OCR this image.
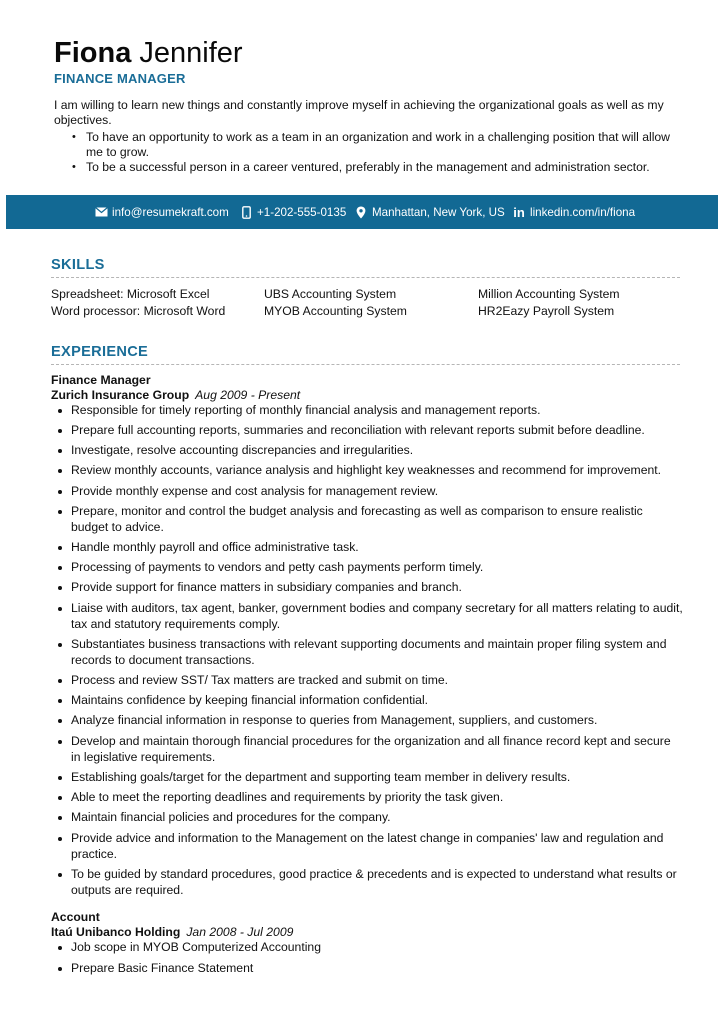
Fiona Jennifer
FINANCE MANAGER

I am willing to learn new things and constantly improve myself in achieving the organizational goals as well as my objectives.

• To have an opportunity to work as a team in an organization and work in a challenging position that will allow me to grow.
• To be a successful person in a career ventured, preferably in the management and administration sector.
info@resumekraft.com +1-202-555-0135 Manhattan, New York, US in linkedin.com/in/fiona
SKILLS
Spreadsheet: Microsoft Excel	UBS Accounting System	Million Accounting System
Word processor: Microsoft Word	MYOB Accounting System	HR2Eazy Payroll System
EXPERIENCE
Finance Manager
Zurich Insurance Group Aug 2009 - Present
Responsible for timely reporting of monthly financial analysis and management reports.
Prepare full accounting reports, summaries and reconciliation with relevant reports submit before deadline.
Investigate, resolve accounting discrepancies and irregularities.
Review monthly accounts, variance analysis and highlight key weaknesses and recommend for improvement.
Provide monthly expense and cost analysis for management review.
Prepare, monitor and control the budget analysis and forecasting as well as comparison to ensure realistic budget to advice.
Handle monthly payroll and office administrative task.
Processing of payments to vendors and petty cash payments perform timely.
Provide support for finance matters in subsidiary companies and branch.
Liaise with auditors, tax agent, banker, government bodies and company secretary for all matters relating to audit, tax and statutory requirements comply.
Substantiates business transactions with relevant supporting documents and maintain proper filing system and records to document transactions.
Process and review SST/ Tax matters are tracked and submit on time.
Maintains confidence by keeping financial information confidential.
Analyze financial information in response to queries from Management, suppliers, and customers.
Develop and maintain thorough financial procedures for the organization and all finance record kept and secure in legislative requirements.
Establishing goals/target for the department and supporting team member in delivery results.
Able to meet the reporting deadlines and requirements by priority the task given.
Maintain financial policies and procedures for the company.
Provide advice and information to the Management on the latest change in companies' law and regulation and practice.
To be guided by standard procedures, good practice & precedents and is expected to understand what results or outputs are required.
Account
Itaú Unibanco Holding Jan 2008 - Jul 2009
Job scope in MYOB Computerized Accounting
Prepare Basic Finance Statement
